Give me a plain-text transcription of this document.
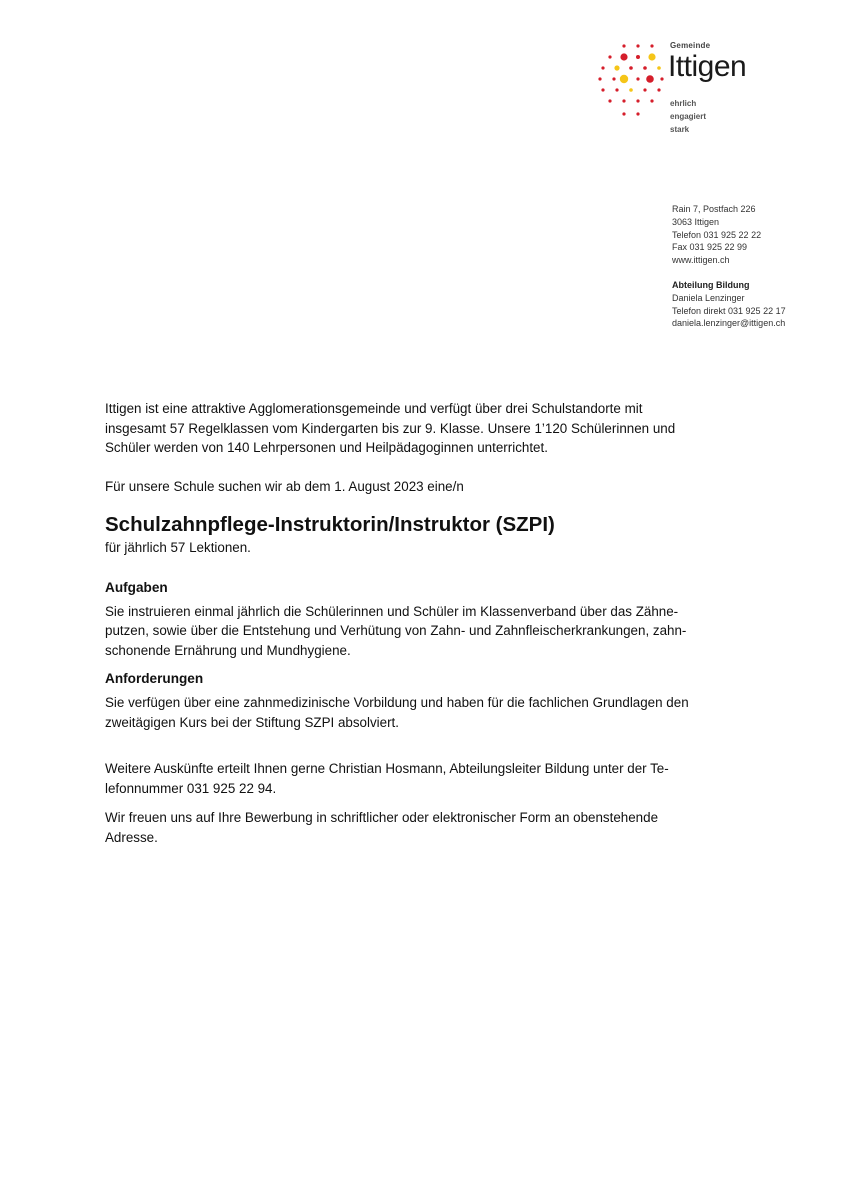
Gemeinde
Ittigen
ehrlich
engagiert
stark
Rain 7, Postfach 226
3063 Ittigen
Telefon 031 925 22 22
Fax 031 925 22 99
www.ittigen.ch
Abteilung Bildung
Daniela Lenzinger
Telefon direkt 031 925 22 17
daniela.lenzinger@ittigen.ch

Ittigen ist eine attraktive Agglomerationsgemeinde und verfügt über drei Schulstandorte mit
insgesamt 57 Regelklassen vom Kindergarten bis zur 9. Klasse. Unsere 1’120 Schülerinnen und
Schüler werden von 140 Lehrpersonen und Heilpädagoginnen unterrichtet.

Für unsere Schule suchen wir ab dem 1. August 2023 eine/n

Schulzahnpflege-Instruktorin/Instruktor (SZPI)

für jährlich 57 Lektionen.

Aufgaben

Sie instruieren einmal jährlich die Schülerinnen und Schüler im Klassenverband über das Zähne-
putzen, sowie über die Entstehung und Verhütung von Zahn- und Zahnfleischerkrankungen, zahn-
schonende Ernährung und Mundhygiene.

Anforderungen

Sie verfügen über eine zahnmedizinische Vorbildung und haben für die fachlichen Grundlagen den
zweitägigen Kurs bei der Stiftung SZPI absolviert.

Weitere Auskünfte erteilt Ihnen gerne Christian Hosmann, Abteilungsleiter Bildung unter der Te-
lefonnummer 031 925 22 94.

Wir freuen uns auf Ihre Bewerbung in schriftlicher oder elektronischer Form an obenstehende
Adresse.
